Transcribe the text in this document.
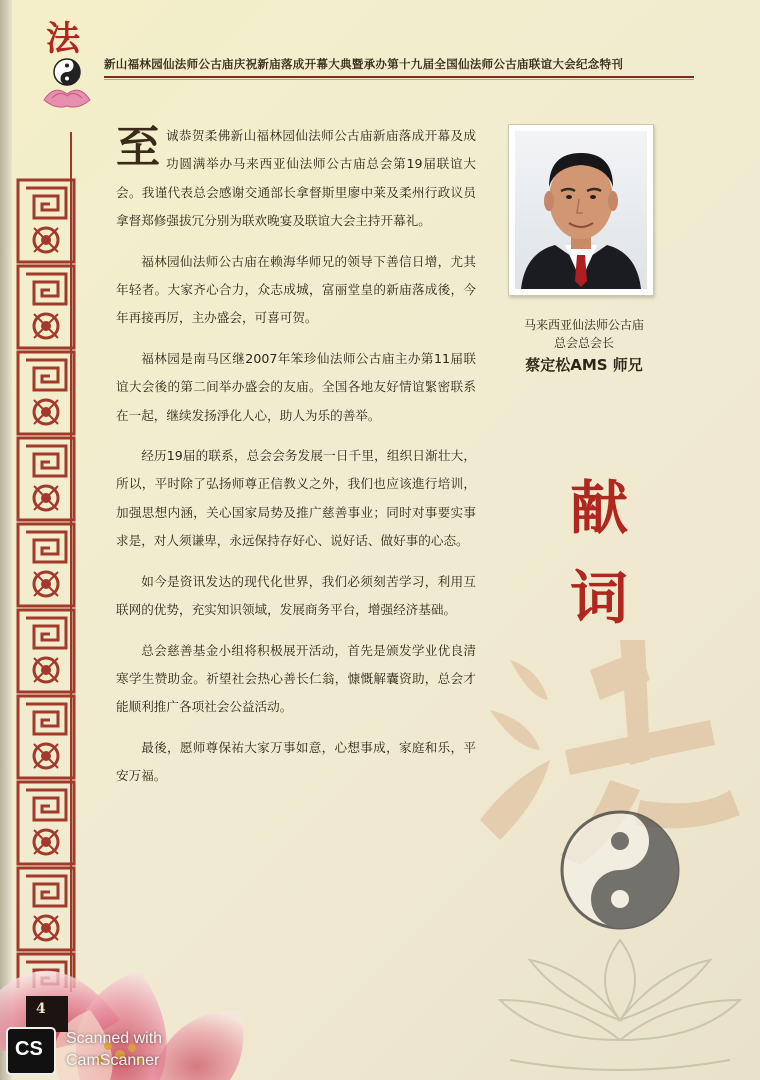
法
新山福林园仙法师公古庙庆祝新庙落成开幕大典暨承办第十九届全国仙法师公古庙联谊大会纪念特刊

至诚恭贺柔佛新山福林园仙法师公古庙新庙落成开幕及成功圆满举办马来西亚仙法师公古庙总会第19届联谊大会。我谨代表总会感谢交通部长拿督斯里廖中莱及柔州行政议员拿督郑修强拔冗分别为联欢晚宴及联谊大会主持开幕礼。

福林园仙法师公古庙在赖海华师兄的领导下善信日增，尤其年轻者。大家齐心合力，众志成城，富丽堂皇的新庙落成後，今年再接再厉，主办盛会，可喜可贺。

福林园是南马区继2007年笨珍仙法师公古庙主办第11届联谊大会後的第二间举办盛会的友庙。全国各地友好情谊緊密联系在一起，继续发扬淨化人心，助人为乐的善举。

经历19届的联系，总会会务发展一日千里，组织日渐壮大，所以，平时除了弘扬师尊正信教义之外，我们也应该進行培训，加强思想内涵，关心国家局势及推广慈善事业；同时对事要实事求是，对人须谦卑，永远保持存好心、说好话、做好事的心态。

如今是资讯发达的现代化世界，我们必须刻苦学习，利用互联网的优势，充实知识领域，发展商务平台，增强经济基础。

总会慈善基金小组将积极展开活动，首先是颁发学业优良清寒学生赞助金。祈望社会热心善长仁翁，慷慨解囊资助，总会才能顺利推广各项社会公益活动。

最後，愿师尊保祐大家万事如意，心想事成，家庭和乐，平安万福。

马来西亚仙法师公古庙
总会总会长
蔡定松AMS 师兄
献
词
4
CS Scanned with
CamScanner
